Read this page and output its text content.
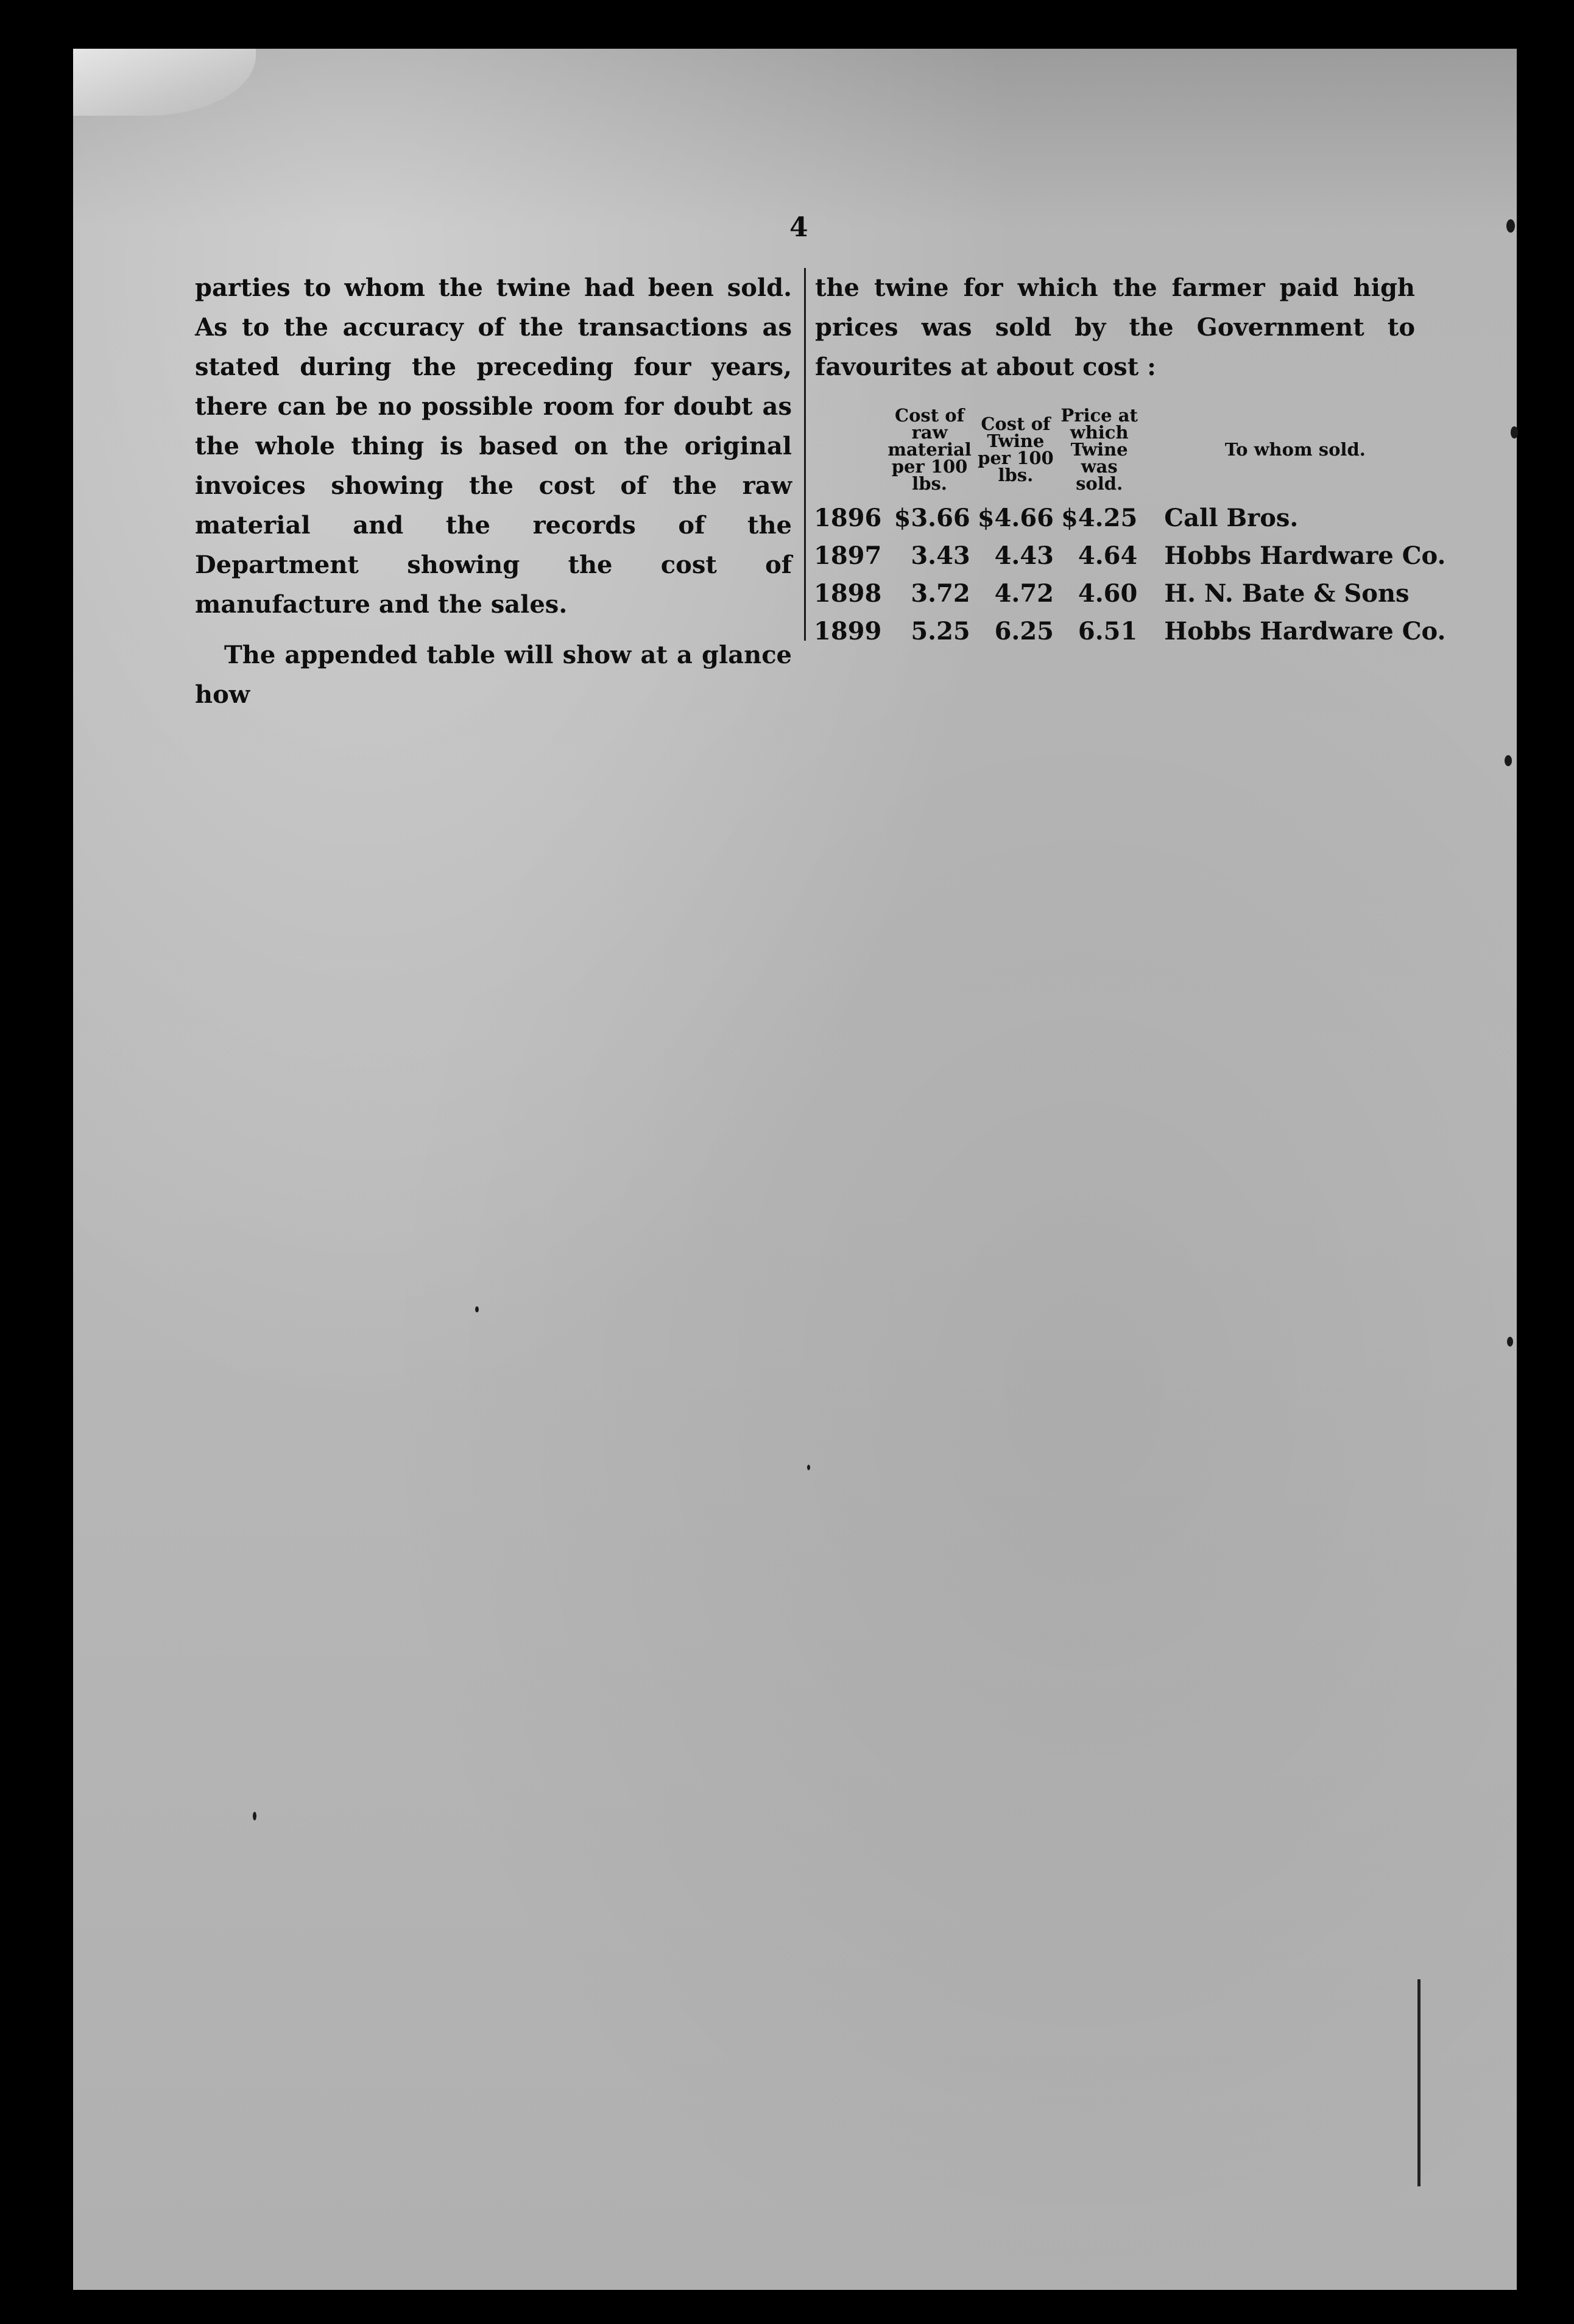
4

parties to whom the twine had been sold. As to the accuracy of the transactions as stated during the preceding four years, there can be no possible room for doubt as the whole thing is based on the original invoices showing the cost of the raw material and the records of the Department showing the cost of manufacture and the sales.

The appended table will show at a glance how

the twine for which the farmer paid high prices was sold by the Government to favourites at about cost :

	Cost of raw material per 100 lbs.	Cost of Twine per 100 lbs.	Price at which Twine was sold.	To whom sold.
1896	$3.66	$4.66	$4.25	Call Bros.
1897	3.43	4.43	4.64	Hobbs Hardware Co.
1898	3.72	4.72	4.60	H. N. Bate & Sons
1899	5.25	6.25	6.51	Hobbs Hardware Co.
